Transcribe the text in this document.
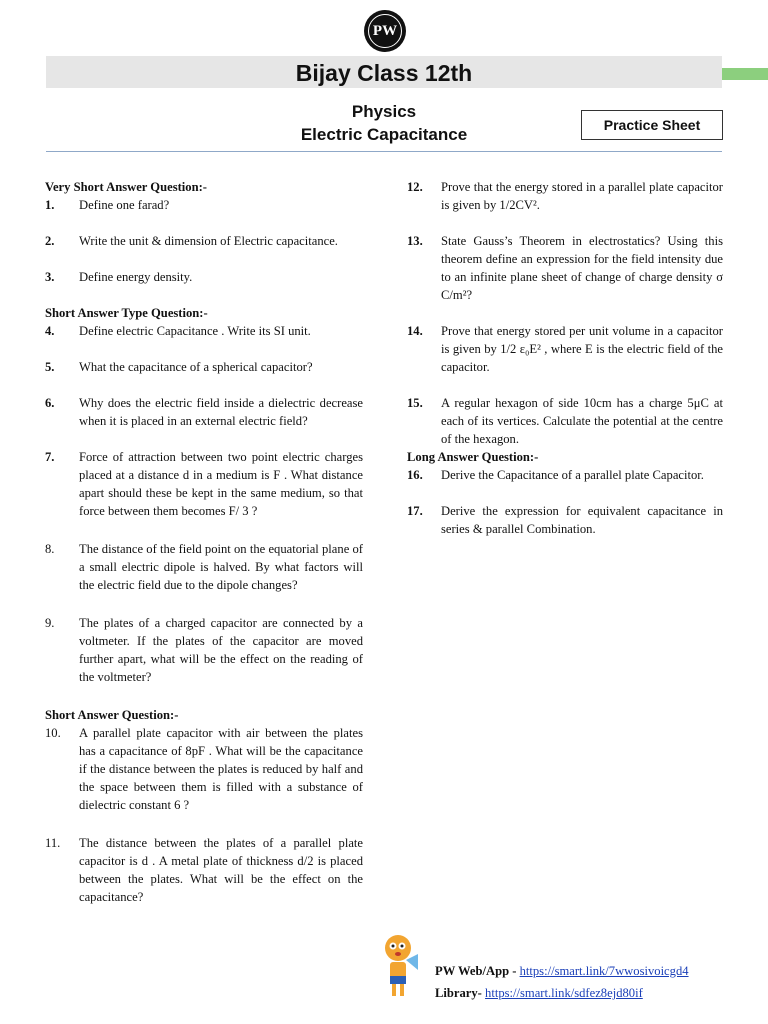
PW
Bijay Class 12th
Physics
Electric Capacitance	Practice Sheet

Very Short Answer Question:-

1.	Define one farad?
2.	Write the unit & dimension of Electric capacitance.
3.	Define energy density.

Short Answer Type Question:-

4.	Define electric Capacitance . Write its SI unit.
5.	What the capacitance of a spherical capacitor?
6.	Why does the electric field inside a dielectric decrease when it is placed in an external electric field?
7.	Force of attraction between two point electric charges placed at a distance d in a medium is F . What distance apart should these be kept in the same medium, so that force between them becomes F/ 3 ?
8.	The distance of the field point on the equatorial plane of a small electric dipole is halved. By what factors will the electric field due to the dipole changes?
9.	The plates of a charged capacitor are connected by a voltmeter. If the plates of the capacitor are moved further apart, what will be the effect on the reading of the voltmeter?

Short Answer Question:-

10.	A parallel plate capacitor with air between the plates has a capacitance of 8pF . What will be the capacitance if the distance between the plates is reduced by half and the space between them is filled with a substance of dielectric constant 6 ?
11.	The distance between the plates of a parallel plate capacitor is d . A metal plate of thickness d/2 is placed between the plates. What will be the effect on the capacitance?
12.	Prove that the energy stored in a parallel plate capacitor is given by 1/2CV².
13.	State Gauss’s Theorem in electrostatics? Using this theorem define an expression for the field intensity due to an infinite plane sheet of change of charge density σ C/m²?
14.	Prove that energy stored per unit volume in a capacitor is given by 1/2 ε₀E² , where E is the electric field of the capacitor.
15.	A regular hexagon of side 10cm has a charge 5μC at each of its vertices. Calculate the potential at the centre of the hexagon.

Long Answer Question:-

16.	Derive the Capacitance of a parallel plate Capacitor.
17.	Derive the expression for equivalent capacitance in series & parallel Combination.
PW Web/App - https://smart.link/7wwosivoicgd4
Library- https://smart.link/sdfez8ejd80if
